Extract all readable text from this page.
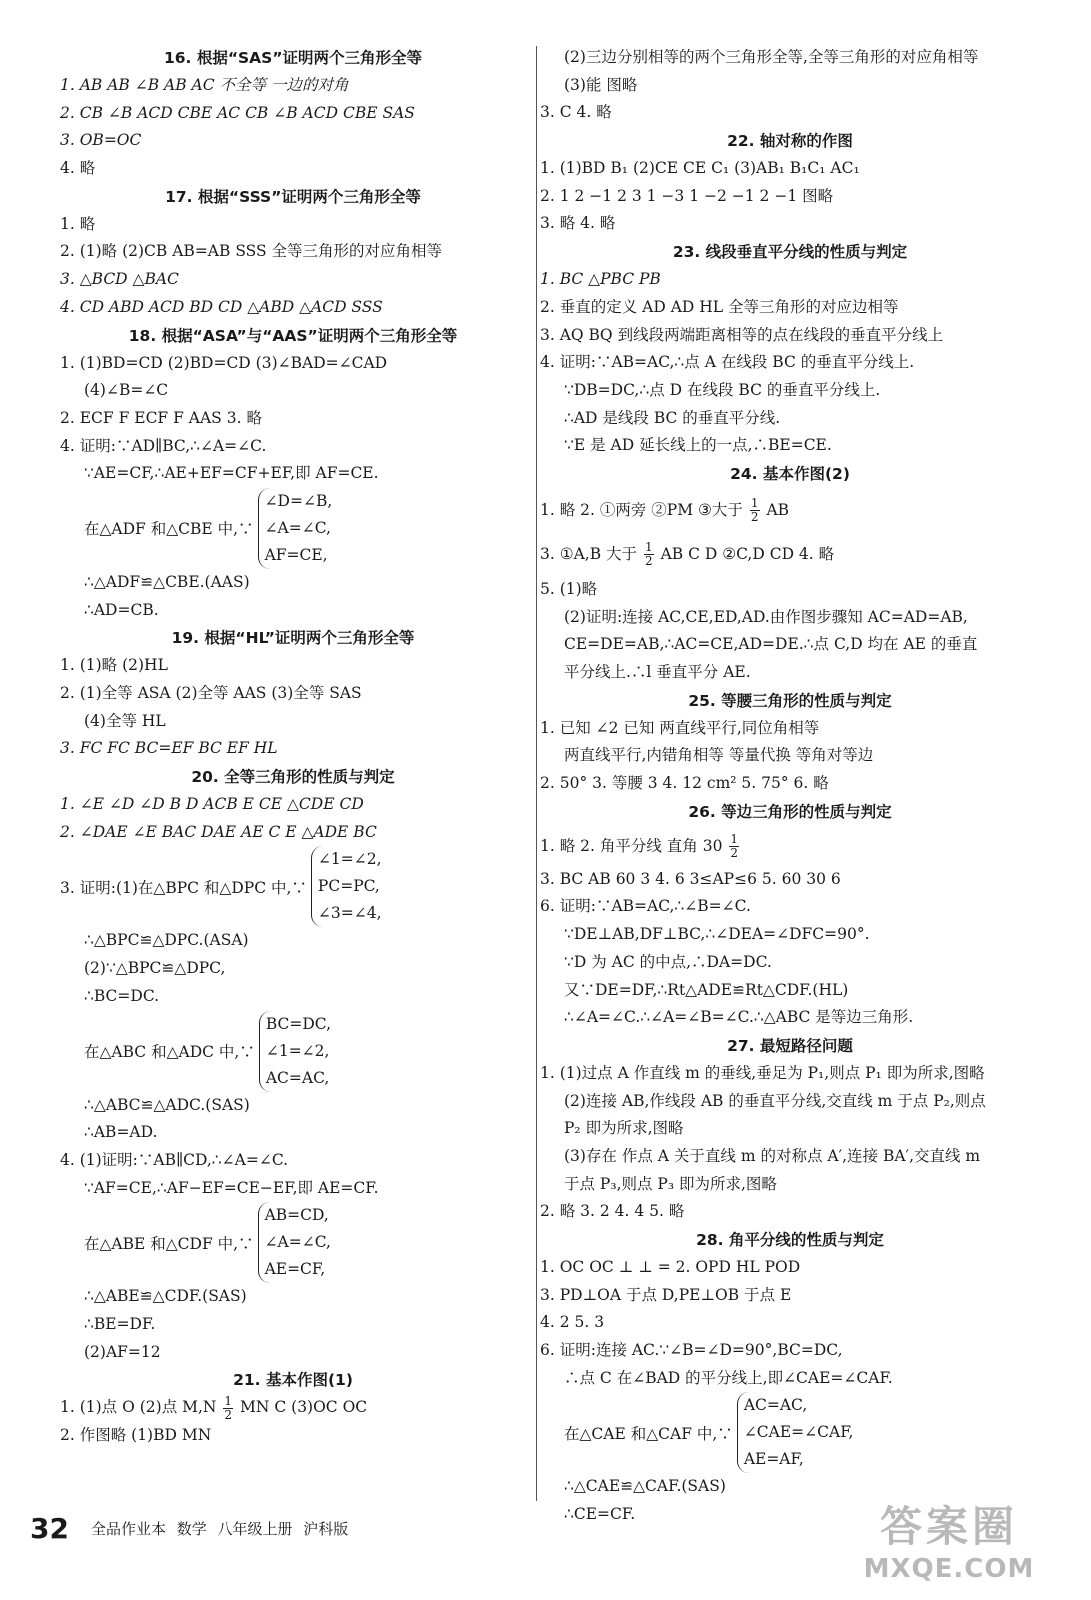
16. 根据“SAS”证明两个三角形全等
1. AB AB ∠B AB AC 不全等 一边的对角
2. CB ∠B ACD CBE AC CB ∠B ACD CBE SAS
3. OB=OC
4. 略
17. 根据“SSS”证明两个三角形全等
1. 略
2. (1)略 (2)CB AB=AB SSS 全等三角形的对应角相等
3. △BCD △BAC
4. CD ABD ACD BD CD △ABD △ACD SSS
18. 根据“ASA”与“AAS”证明两个三角形全等
1. (1)BD=CD (2)BD=CD (3)∠BAD=∠CAD
(4)∠B=∠C
2. ECF F ECF F AAS 3. 略
4. 证明:∵AD∥BC,∴∠A=∠C.
∵AE=CF,∴AE+EF=CF+EF,即 AF=CE.
在△ADF 和△CBE 中,∵
∠D=∠B,
∠A=∠C,
AF=CE,
∴△ADF≌△CBE.(AAS)
∴AD=CB.
19. 根据“HL”证明两个三角形全等
1. (1)略 (2)HL
2. (1)全等 ASA (2)全等 AAS (3)全等 SAS
(4)全等 HL
3. FC FC BC=EF BC EF HL
20. 全等三角形的性质与判定
1. ∠E ∠D ∠D B D ACB E CE △CDE CD
2. ∠DAE ∠E BAC DAE AE C E △ADE BC
3. 证明:(1)在△BPC 和△DPC 中,∵
∠1=∠2,
PC=PC,
∠3=∠4,
∴△BPC≌△DPC.(ASA)
(2)∵△BPC≌△DPC,
∴BC=DC.
在△ABC 和△ADC 中,∵
BC=DC,
∠1=∠2,
AC=AC,
∴△ABC≌△ADC.(SAS)
∴AB=AD.
4. (1)证明:∵AB∥CD,∴∠A=∠C.
∵AF=CE,∴AF−EF=CE−EF,即 AE=CF.
在△ABE 和△CDF 中,∵
AB=CD,
∠A=∠C,
AE=CF,
∴△ABE≌△CDF.(SAS)
∴BE=DF.
(2)AF=12
21. 基本作图(1)
1. (1)点 O (2)点 $M,N \frac{1}{2}$ MN C (3)OC OC
2. 作图略 (1)BD MN
(2)三边分别相等的两个三角形全等,全等三角形的对应角相等
(3)能 图略
3. C 4. 略
22. 轴对称的作图
1. (1)BD B₁ (2)CE CE C₁ (3)AB₁ B₁C₁ AC₁
2. 1 2 −1 2 3 1 −3 1 −2 −1 2 −1 图略
3. 略 4. 略
23. 线段垂直平分线的性质与判定
1. BC △PBC PB
2. 垂直的定义 AD AD HL 全等三角形的对应边相等
3. AQ BQ 到线段两端距离相等的点在线段的垂直平分线上
4. 证明:∵AB=AC,∴点 A 在线段 BC 的垂直平分线上.
∵DB=DC,∴点 D 在线段 BC 的垂直平分线上.
∴AD 是线段 BC 的垂直平分线.
∵E 是 AD 延长线上的一点,∴BE=CE.
24. 基本作图(2)
1. 略 2. ①两旁 ②PM ③大于 $\frac{1}{2}$ AB
3. ①A,B 大于 $\frac{1}{2}$ AB C D ②C,D CD 4. 略
5. (1)略
(2)证明:连接 AC,CE,ED,AD.由作图步骤知 AC=AD=AB,
CE=DE=AB,∴AC=CE,AD=DE.∴点 C,D 均在 AE 的垂直
平分线上.∴l 垂直平分 AE.
25. 等腰三角形的性质与判定
1. 已知 ∠2 已知 两直线平行,同位角相等
两直线平行,内错角相等 等量代换 等角对等边
2. 50° 3. 等腰 3 4. 12 cm² 5. 75° 6. 略
26. 等边三角形的性质与判定
1. 略 2. 角平分线 直角 $30 \frac{1}{2}$
3. BC AB 60 3 4. 6 3≤AP≤6 5. 60 30 6
6. 证明:∵AB=AC,∴∠B=∠C.
∵DE⊥AB,DF⊥BC,∴∠DEA=∠DFC=90°.
∵D 为 AC 的中点,∴DA=DC.
又∵DE=DF,∴Rt△ADE≌Rt△CDF.(HL)
∴∠A=∠C.∴∠A=∠B=∠C.∴△ABC 是等边三角形.
27. 最短路径问题
1. (1)过点 A 作直线 m 的垂线,垂足为 P₁,则点 P₁ 即为所求,图略
(2)连接 AB,作线段 AB 的垂直平分线,交直线 m 于点 P₂,则点
P₂ 即为所求,图略
(3)存在 作点 A 关于直线 m 的对称点 A′,连接 BA′,交直线 m
于点 P₃,则点 P₃ 即为所求,图略
2. 略 3. 2 4. 4 5. 略
28. 角平分线的性质与判定
1. OC OC ⊥ ⊥ = 2. OPD HL POD
3. PD⊥OA 于点 D,PE⊥OB 于点 E
4. 2 5. 3
6. 证明:连接 AC.∵∠B=∠D=90°,BC=DC,
∴点 C 在∠BAD 的平分线上,即∠CAE=∠CAF.
在△CAE 和△CAF 中,∵
AC=AC,
∠CAE=∠CAF,
AE=AF,
∴△CAE≌△CAF.(SAS)
∴CE=CF.
32 全品作业本 数学 八年级上册 沪科版	答案圈
MXQE.COM
